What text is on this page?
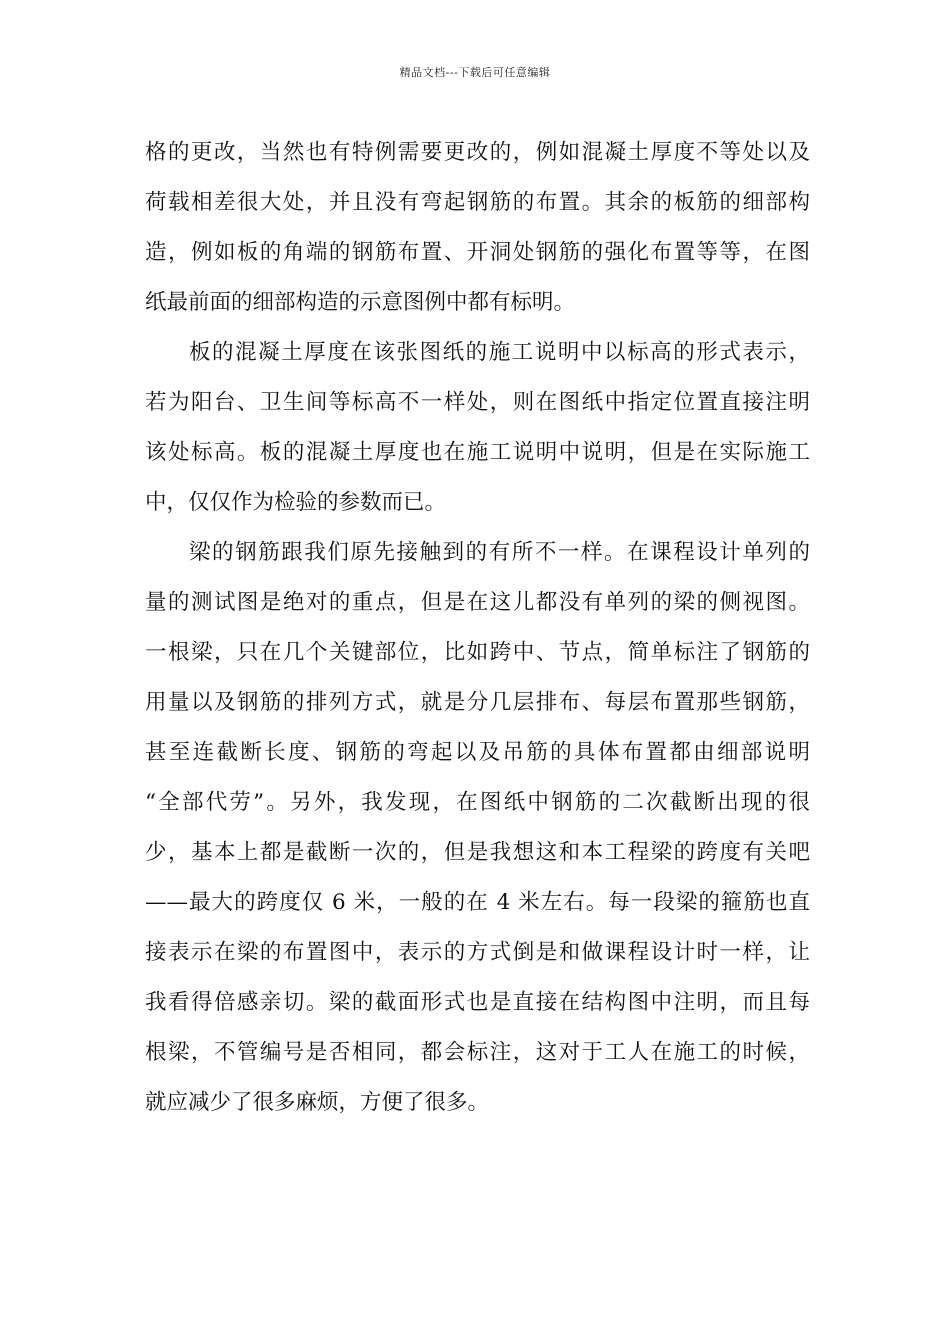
精品文档---下载后可任意编辑
格的更改，当然也有特例需要更改的，例如混凝土厚度不等处以及
荷载相差很大处，并且没有弯起钢筋的布置。其余的板筋的细部构
造，例如板的角端的钢筋布置、开洞处钢筋的强化布置等等，在图
纸最前面的细部构造的示意图例中都有标明。
板的混凝土厚度在该张图纸的施工说明中以标高的形式表示，
若为阳台、卫生间等标高不一样处，则在图纸中指定位置直接注明
该处标高。板的混凝土厚度也在施工说明中说明，但是在实际施工
中，仅仅作为检验的参数而已。
梁的钢筋跟我们原先接触到的有所不一样。在课程设计单列的
量的测试图是绝对的重点，但是在这儿都没有单列的梁的侧视图。
一根梁，只在几个关键部位，比如跨中、节点，简单标注了钢筋的
用量以及钢筋的排列方式，就是分几层排布、每层布置那些钢筋，
甚至连截断长度、钢筋的弯起以及吊筋的具体布置都由细部说明
“全部代劳”。另外，我发现，在图纸中钢筋的二次截断出现的很
少，基本上都是截断一次的，但是我想这和本工程梁的跨度有关吧
——最大的跨度仅 6 米，一般的在 4 米左右。每一段梁的箍筋也直
接表示在梁的布置图中，表示的方式倒是和做课程设计时一样，让
我看得倍感亲切。梁的截面形式也是直接在结构图中注明，而且每
根梁，不管编号是否相同，都会标注，这对于工人在施工的时候，
就应减少了很多麻烦，方便了很多。
